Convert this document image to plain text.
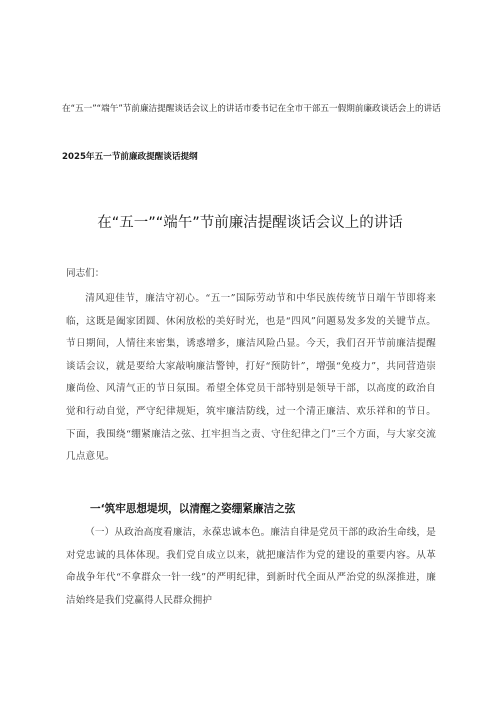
在“五一”“端午”节前廉洁提醒谈话会议上的讲话市委书记在全市干部五一假期前廉政谈话会上的讲话
2025年五一节前廉政提醒谈话提纲
在“五一”“端午”节前廉洁提醒谈话会议上的讲话
同志们：
清风迎佳节，廉洁守初心。“五一”国际劳动节和中华民族传统节日端午节即将来临，这既是阖家团圆、休闲放松的美好时光，也是“四风”问题易发多发的关键节点。节日期间，人情往来密集，诱惑增多，廉洁风险凸显。今天，我们召开节前廉洁提醒谈话会议，就是要给大家敲响廉洁警钟，打好“预防针”，增强“免疫力”，共同营造崇廉尚俭、风清气正的节日氛围。希望全体党员干部特别是领导干部，以高度的政治自觉和行动自觉，严守纪律规矩，筑牢廉洁防线，过一个清正廉洁、欢乐祥和的节日。下面，我围绕“绷紧廉洁之弦、扛牢担当之责、守住纪律之门”三个方面，与大家交流几点意见。
一‘筑牢思想堤坝，以清醒之姿绷紧廉洁之弦
（一）从政治高度看廉洁，永葆忠诚本色。廉洁自律是党员干部的政治生命线，是对党忠诚的具体体现。我们党自成立以来，就把廉洁作为党的建设的重要内容。从革命战争年代“不拿群众一针一线”的严明纪律，到新时代全面从严治党的纵深推进，廉洁始终是我们党赢得人民群众拥护
